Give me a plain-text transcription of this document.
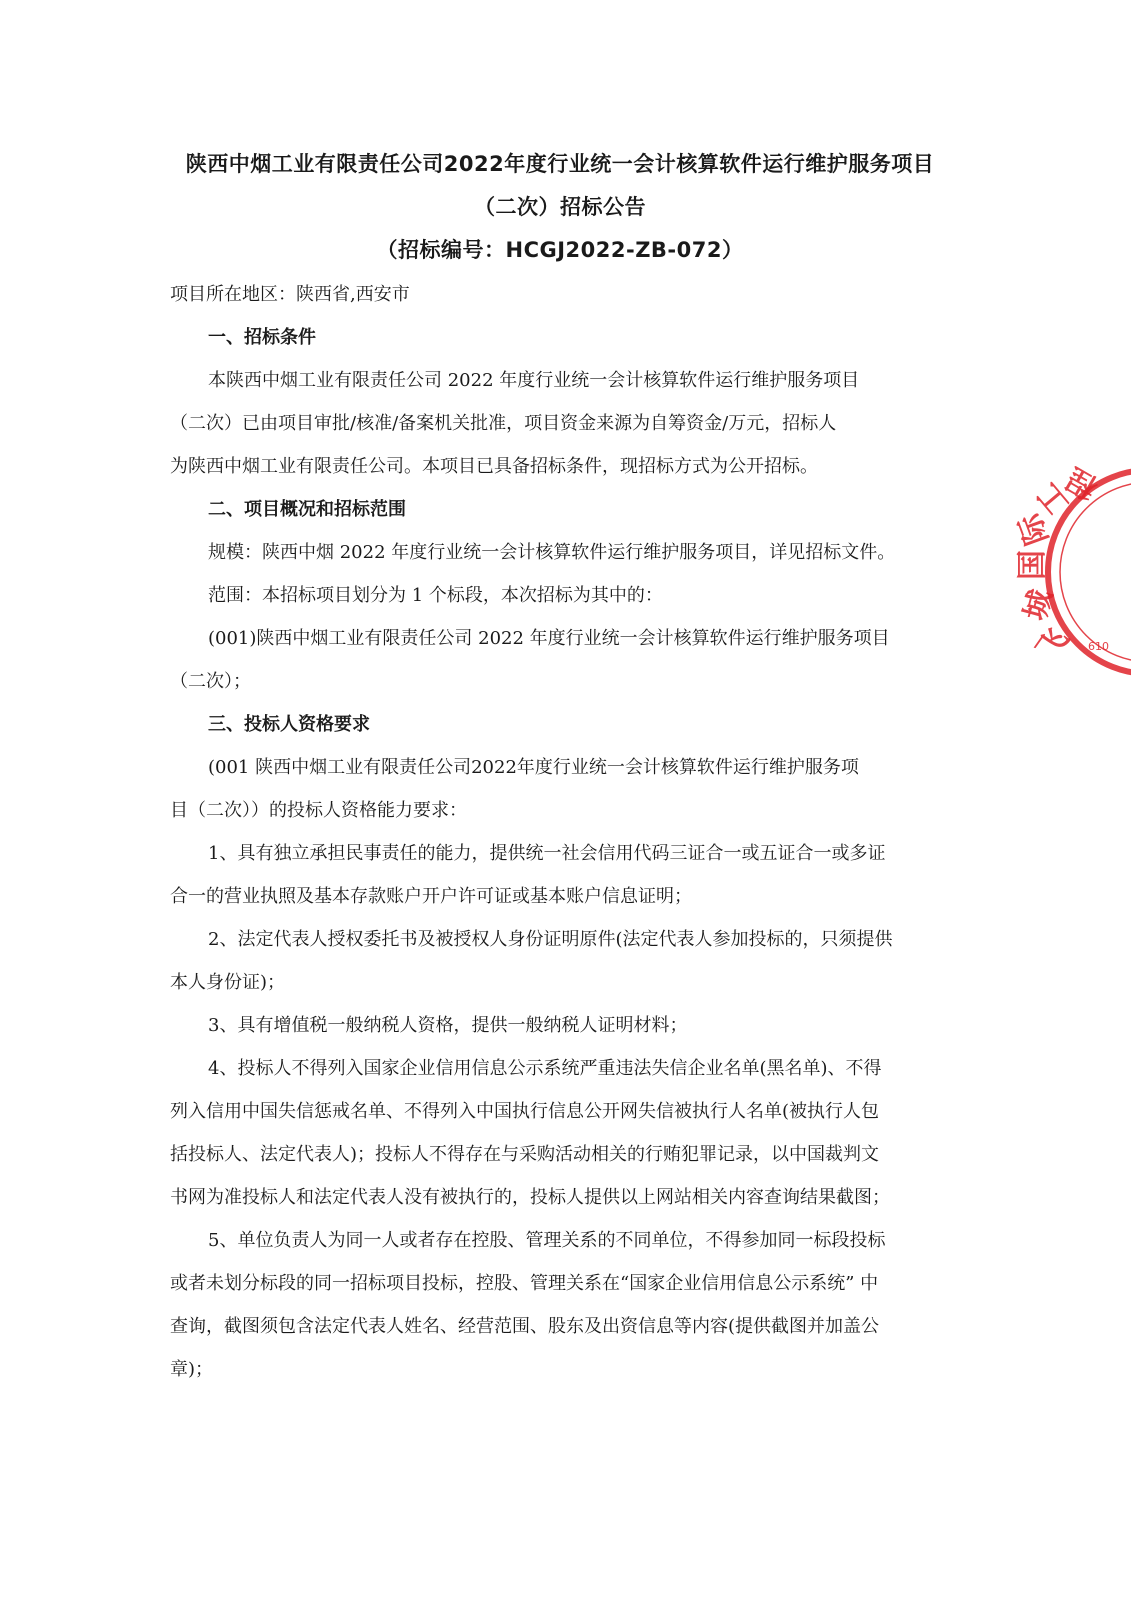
陕西中烟工业有限责任公司2022年度行业统一会计核算软件运行维护服务项目
（二次）招标公告
（招标编号：HCGJ2022-ZB-072）
项目所在地区：陕西省,西安市
一、招标条件
本陕西中烟工业有限责任公司 2022 年度行业统一会计核算软件运行维护服务项目
（二次）已由项目审批/核准/备案机关批准，项目资金来源为自筹资金/万元，招标人
为陕西中烟工业有限责任公司。本项目已具备招标条件，现招标方式为公开招标。
二、项目概况和招标范围
规模：陕西中烟 2022 年度行业统一会计核算软件运行维护服务项目，详见招标文件。
范围：本招标项目划分为 1 个标段，本次招标为其中的：
(001)陕西中烟工业有限责任公司 2022 年度行业统一会计核算软件运行维护服务项目
（二次）；
三、投标人资格要求
(001 陕西中烟工业有限责任公司2022年度行业统一会计核算软件运行维护服务项
目（二次））的投标人资格能力要求：
1、具有独立承担民事责任的能力，提供统一社会信用代码三证合一或五证合一或多证
合一的营业执照及基本存款账户开户许可证或基本账户信息证明；
2、法定代表人授权委托书及被授权人身份证明原件(法定代表人参加投标的，只须提供
本人身份证)；
3、具有增值税一般纳税人资格，提供一般纳税人证明材料；
4、投标人不得列入国家企业信用信息公示系统严重违法失信企业名单(黑名单)、不得
列入信用中国失信惩戒名单、不得列入中国执行信息公开网失信被执行人名单(被执行人包
括投标人、法定代表人)；投标人不得存在与采购活动相关的行贿犯罪记录，以中国裁判文
书网为准投标人和法定代表人没有被执行的，投标人提供以上网站相关内容查询结果截图；
5、单位负责人为同一人或者存在控股、管理关系的不同单位，不得参加同一标段投标
或者未划分标段的同一招标项目投标，控股、管理关系在“国家企业信用信息公示系统” 中
查询，截图须包含法定代表人姓名、经营范围、股东及出资信息等内容(提供截图并加盖公
章)；
飞
城
国
际
工
程
610
